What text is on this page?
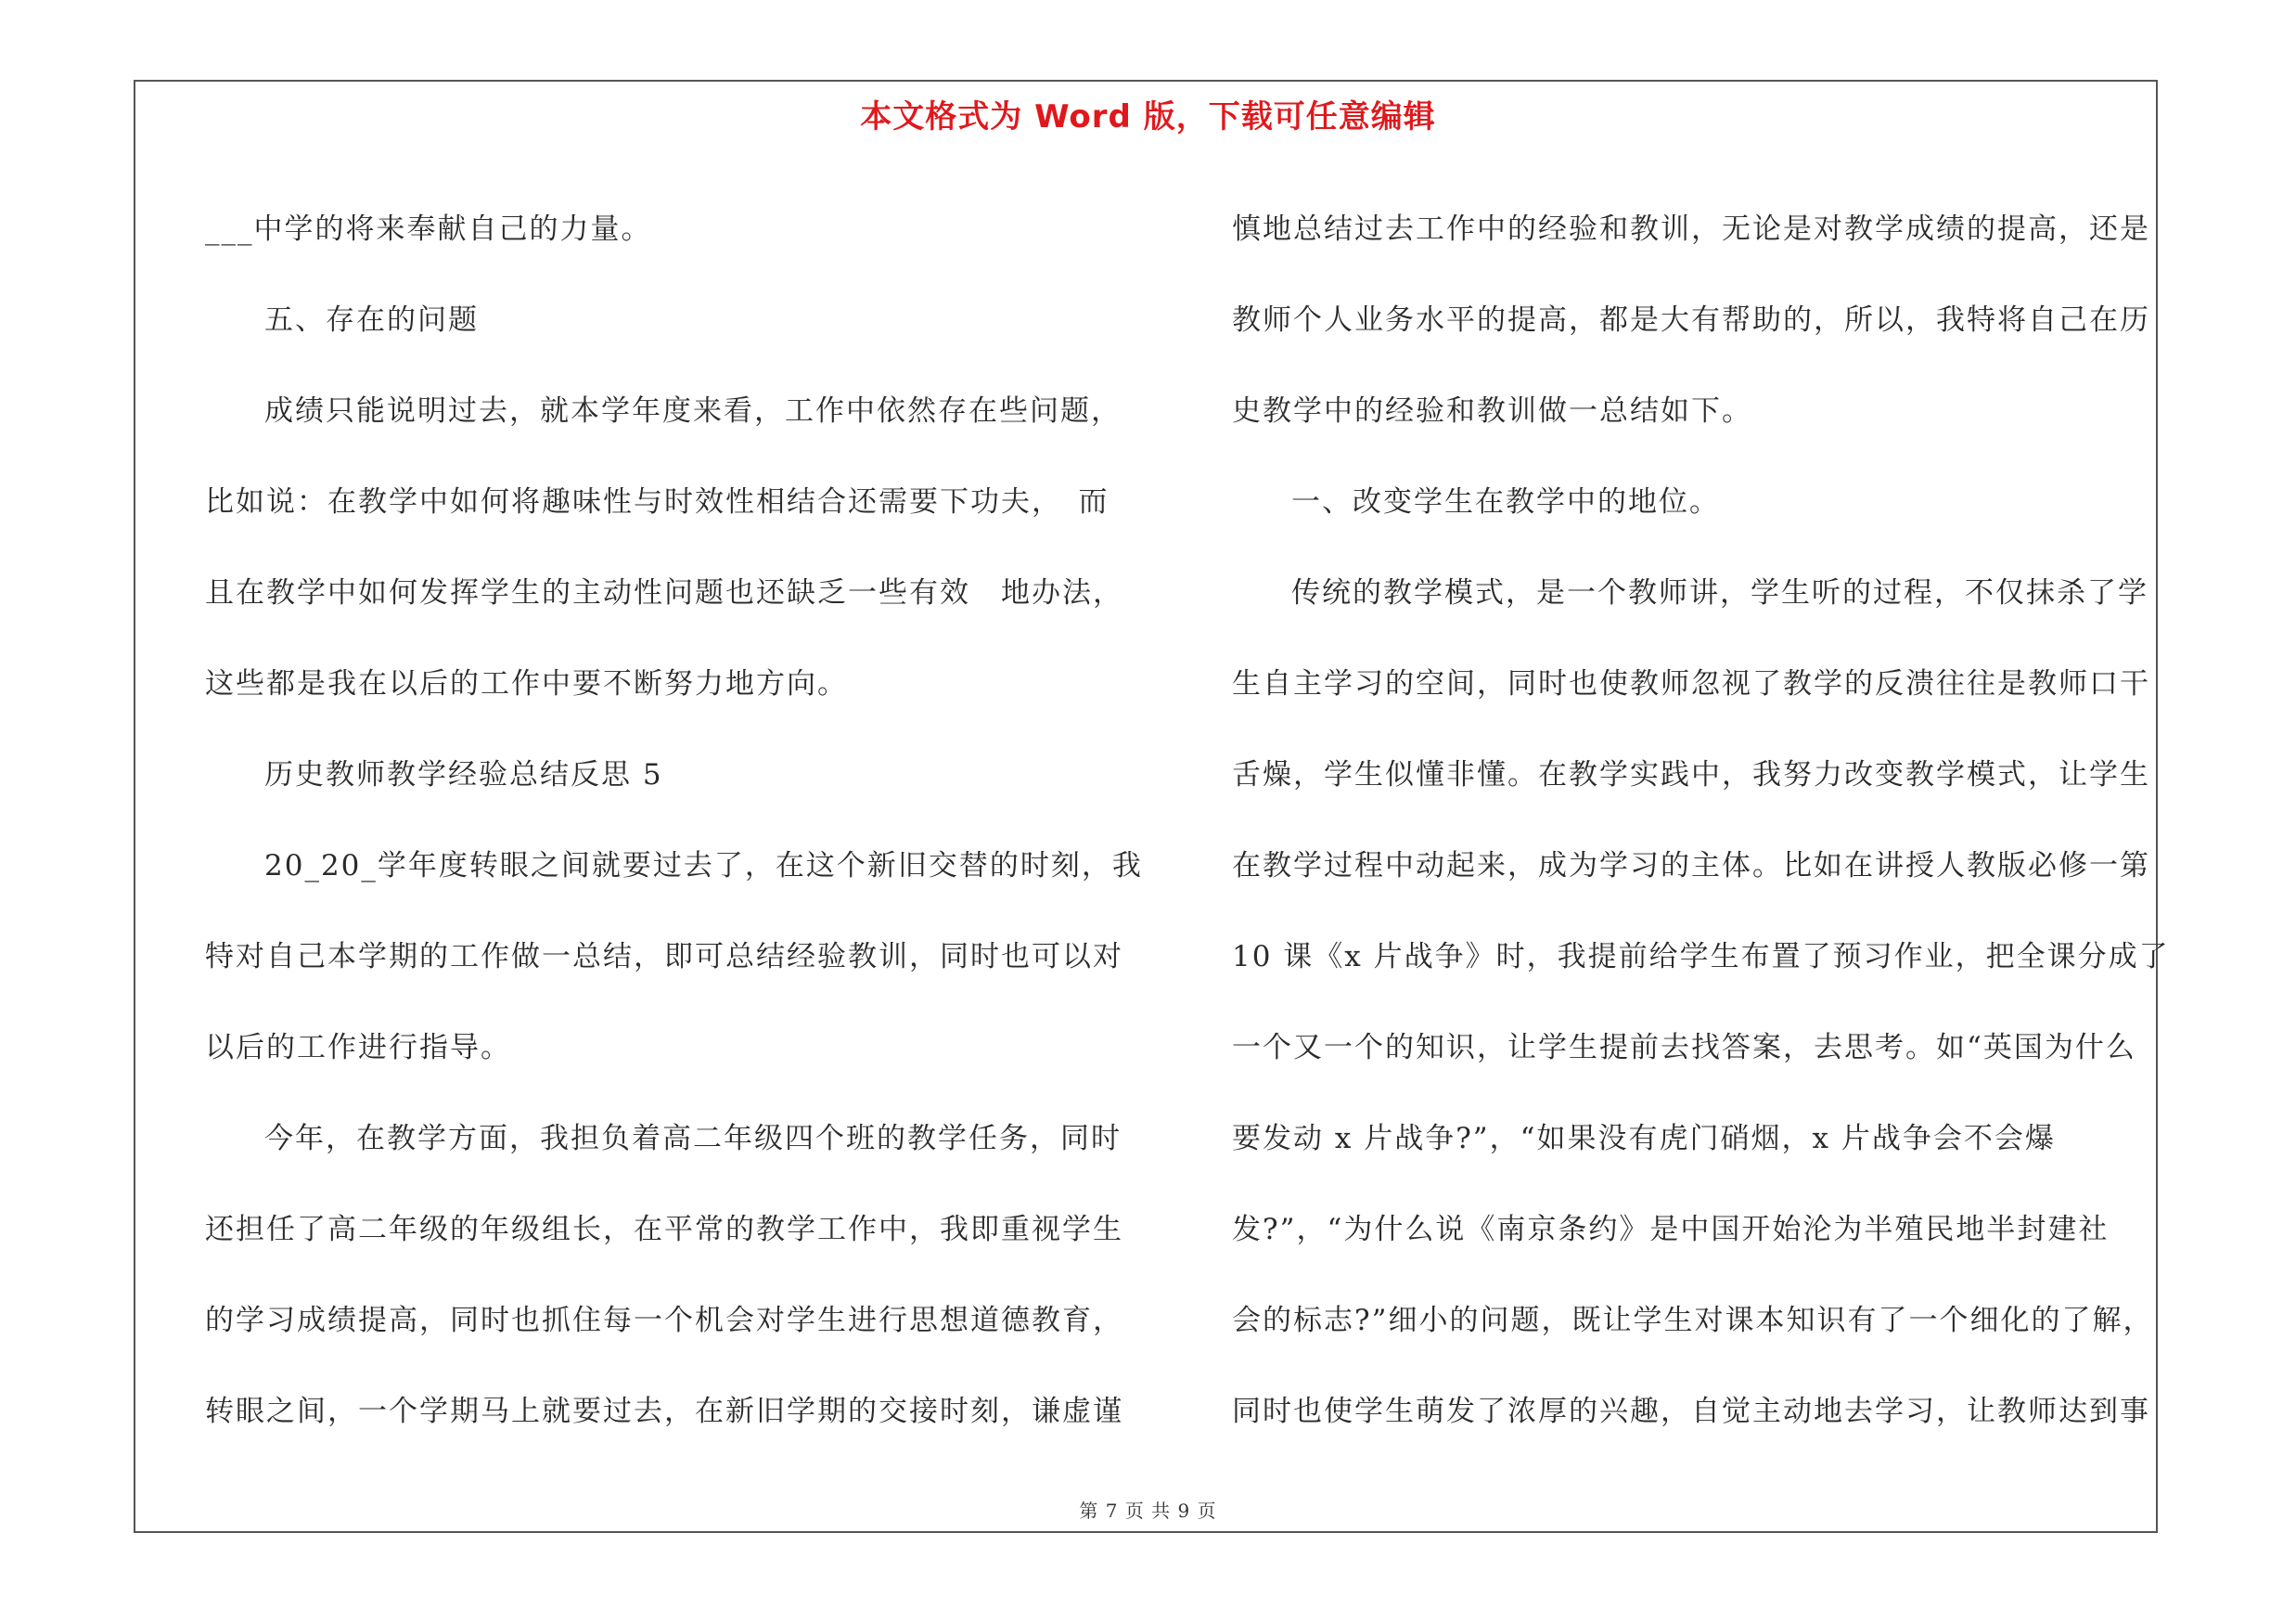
本文格式为 Word 版，下载可任意编辑
___中学的将来奉献自己的力量。
五、存在的问题
成绩只能说明过去，就本学年度来看，工作中依然存在些问题，
比如说：在教学中如何将趣味性与时效性相结合还需要下功夫，　而
且在教学中如何发挥学生的主动性问题也还缺乏一些有效　地办法，
这些都是我在以后的工作中要不断努力地方向。
历史教师教学经验总结反思 5
20_20_学年度转眼之间就要过去了，在这个新旧交替的时刻，我
特对自己本学期的工作做一总结，即可总结经验教训，同时也可以对
以后的工作进行指导。
今年，在教学方面，我担负着高二年级四个班的教学任务，同时
还担任了高二年级的年级组长，在平常的教学工作中，我即重视学生
的学习成绩提高，同时也抓住每一个机会对学生进行思想道德教育，
转眼之间，一个学期马上就要过去，在新旧学期的交接时刻，谦虚谨
慎地总结过去工作中的经验和教训，无论是对教学成绩的提高，还是
教师个人业务水平的提高，都是大有帮助的，所以，我特将自己在历
史教学中的经验和教训做一总结如下。
一、改变学生在教学中的地位。
传统的教学模式，是一个教师讲，学生听的过程，不仅抹杀了学
生自主学习的空间，同时也使教师忽视了教学的反溃往往是教师口干
舌燥，学生似懂非懂。在教学实践中，我努力改变教学模式，让学生
在教学过程中动起来，成为学习的主体。比如在讲授人教版必修一第
10 课《x 片战争》时，我提前给学生布置了预习作业，把全课分成了
一个又一个的知识，让学生提前去找答案，去思考。如“英国为什么
要发动 x 片战争?”，“如果没有虎门硝烟，x 片战争会不会爆
发?”，“为什么说《南京条约》是中国开始沦为半殖民地半封建社
会的标志?”细小的问题，既让学生对课本知识有了一个细化的了解，
同时也使学生萌发了浓厚的兴趣，自觉主动地去学习，让教师达到事
第 7 页 共 9 页
